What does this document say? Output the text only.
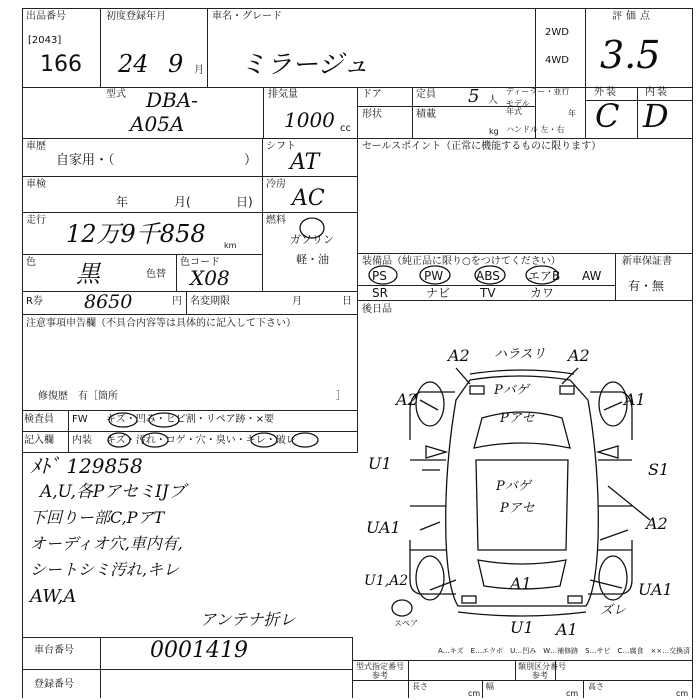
出品番号
[2043]
166
初度登録年月
24 9 月
車名・グレード
ミラージュ
2WD
4WD
評価点
3.5
型式 DBA-
A05A
排気量
1000 cc
ドア
形状
定員 5 人
積載
kg
ディーラー・並行
モデル年式	年
ハンドル 左・右
外装	内装
C D
車歴
自家用・（	）
車検
年	月(	日)
走行 12万9千858 km
色 黒	色替
色コード
X08
R券 8650	円 名変期限	月	日
シフト
AT
冷房
AC
燃料
ガソリン
軽・油
注意事項申告欄（不具合内容等は具体的に記入して下さい）
修復歴　有［箇所	］
検査員 FW キズ・凹み・ヒビ割・リペア跡・×要
記入欄 内装 キズ・汚れ・コゲ・穴・臭い・キレ・破レ
ﾒﾄﾞ 129858
A,U,各PアセミIJブ
下回りー部C,PアT
オーディオ穴,車内有,
シートシミ汚れ,キレ
AW,A
アンテナ折レ
セールスポイント（正常に機能するものに限ります）
装備品（純正品に限り○をつけてください）	新車保証書
有・無
PS	PW	ABS エアB AW
SR	ナビ TV	カワ
後日品
A2 ハラスリ A2
A2	A1
U1	S1
UA1	A2
U1,A2	UA1
Pバゲ
Pアセ
Pバゲ
Pアセ
A1
ズレ
U1 A1
スペア
A…キズ　E…エクボ　U…凹み　W…補修跡　S…サビ　C…腐食　××…交換済
車台番号	0001419
登録番号
型式指定番号
参考
類別区分番号
参考
長さ	幅	高さ
cm	cm	cm
